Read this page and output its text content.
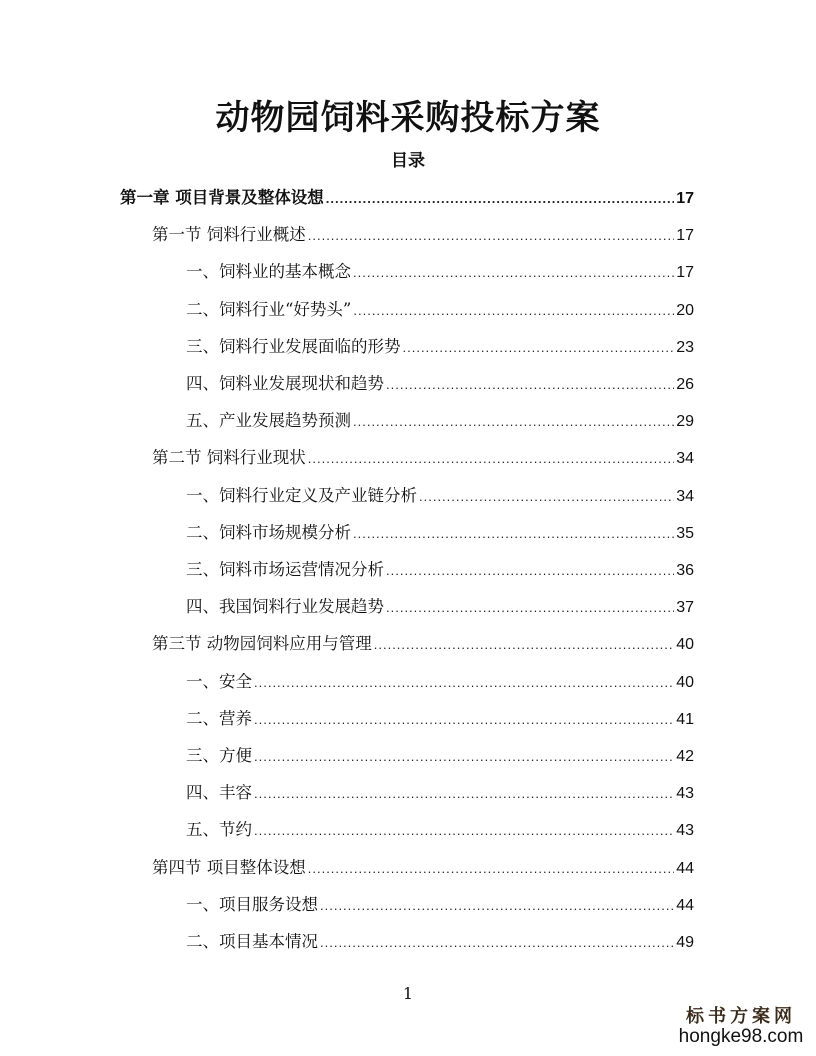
动物园饲料采购投标方案
目录
第一章 项目背景及整体设想 .....	17
第一节 饲料行业概述 .....	17
一、饲料业的基本概念 .....	17
二、饲料行业“好势头” .....	20
三、饲料行业发展面临的形势 .....	23
四、饲料业发展现状和趋势 .....	26
五、产业发展趋势预测 .....	29
第二节 饲料行业现状 .....	34
一、饲料行业定义及产业链分析 .....	34
二、饲料市场规模分析 .....	35
三、饲料市场运营情况分析 .....	36
四、我国饲料行业发展趋势 .....	37
第三节 动物园饲料应用与管理 .....	40
一、安全 .....	40
二、营养 .....	41
三、方便 .....	42
四、丰容 .....	43
五、节约 .....	43
第四节 项目整体设想 .....	44
一、项目服务设想 .....	44
二、项目基本情况 .....	49
1
标书方案网
hongke98.com
